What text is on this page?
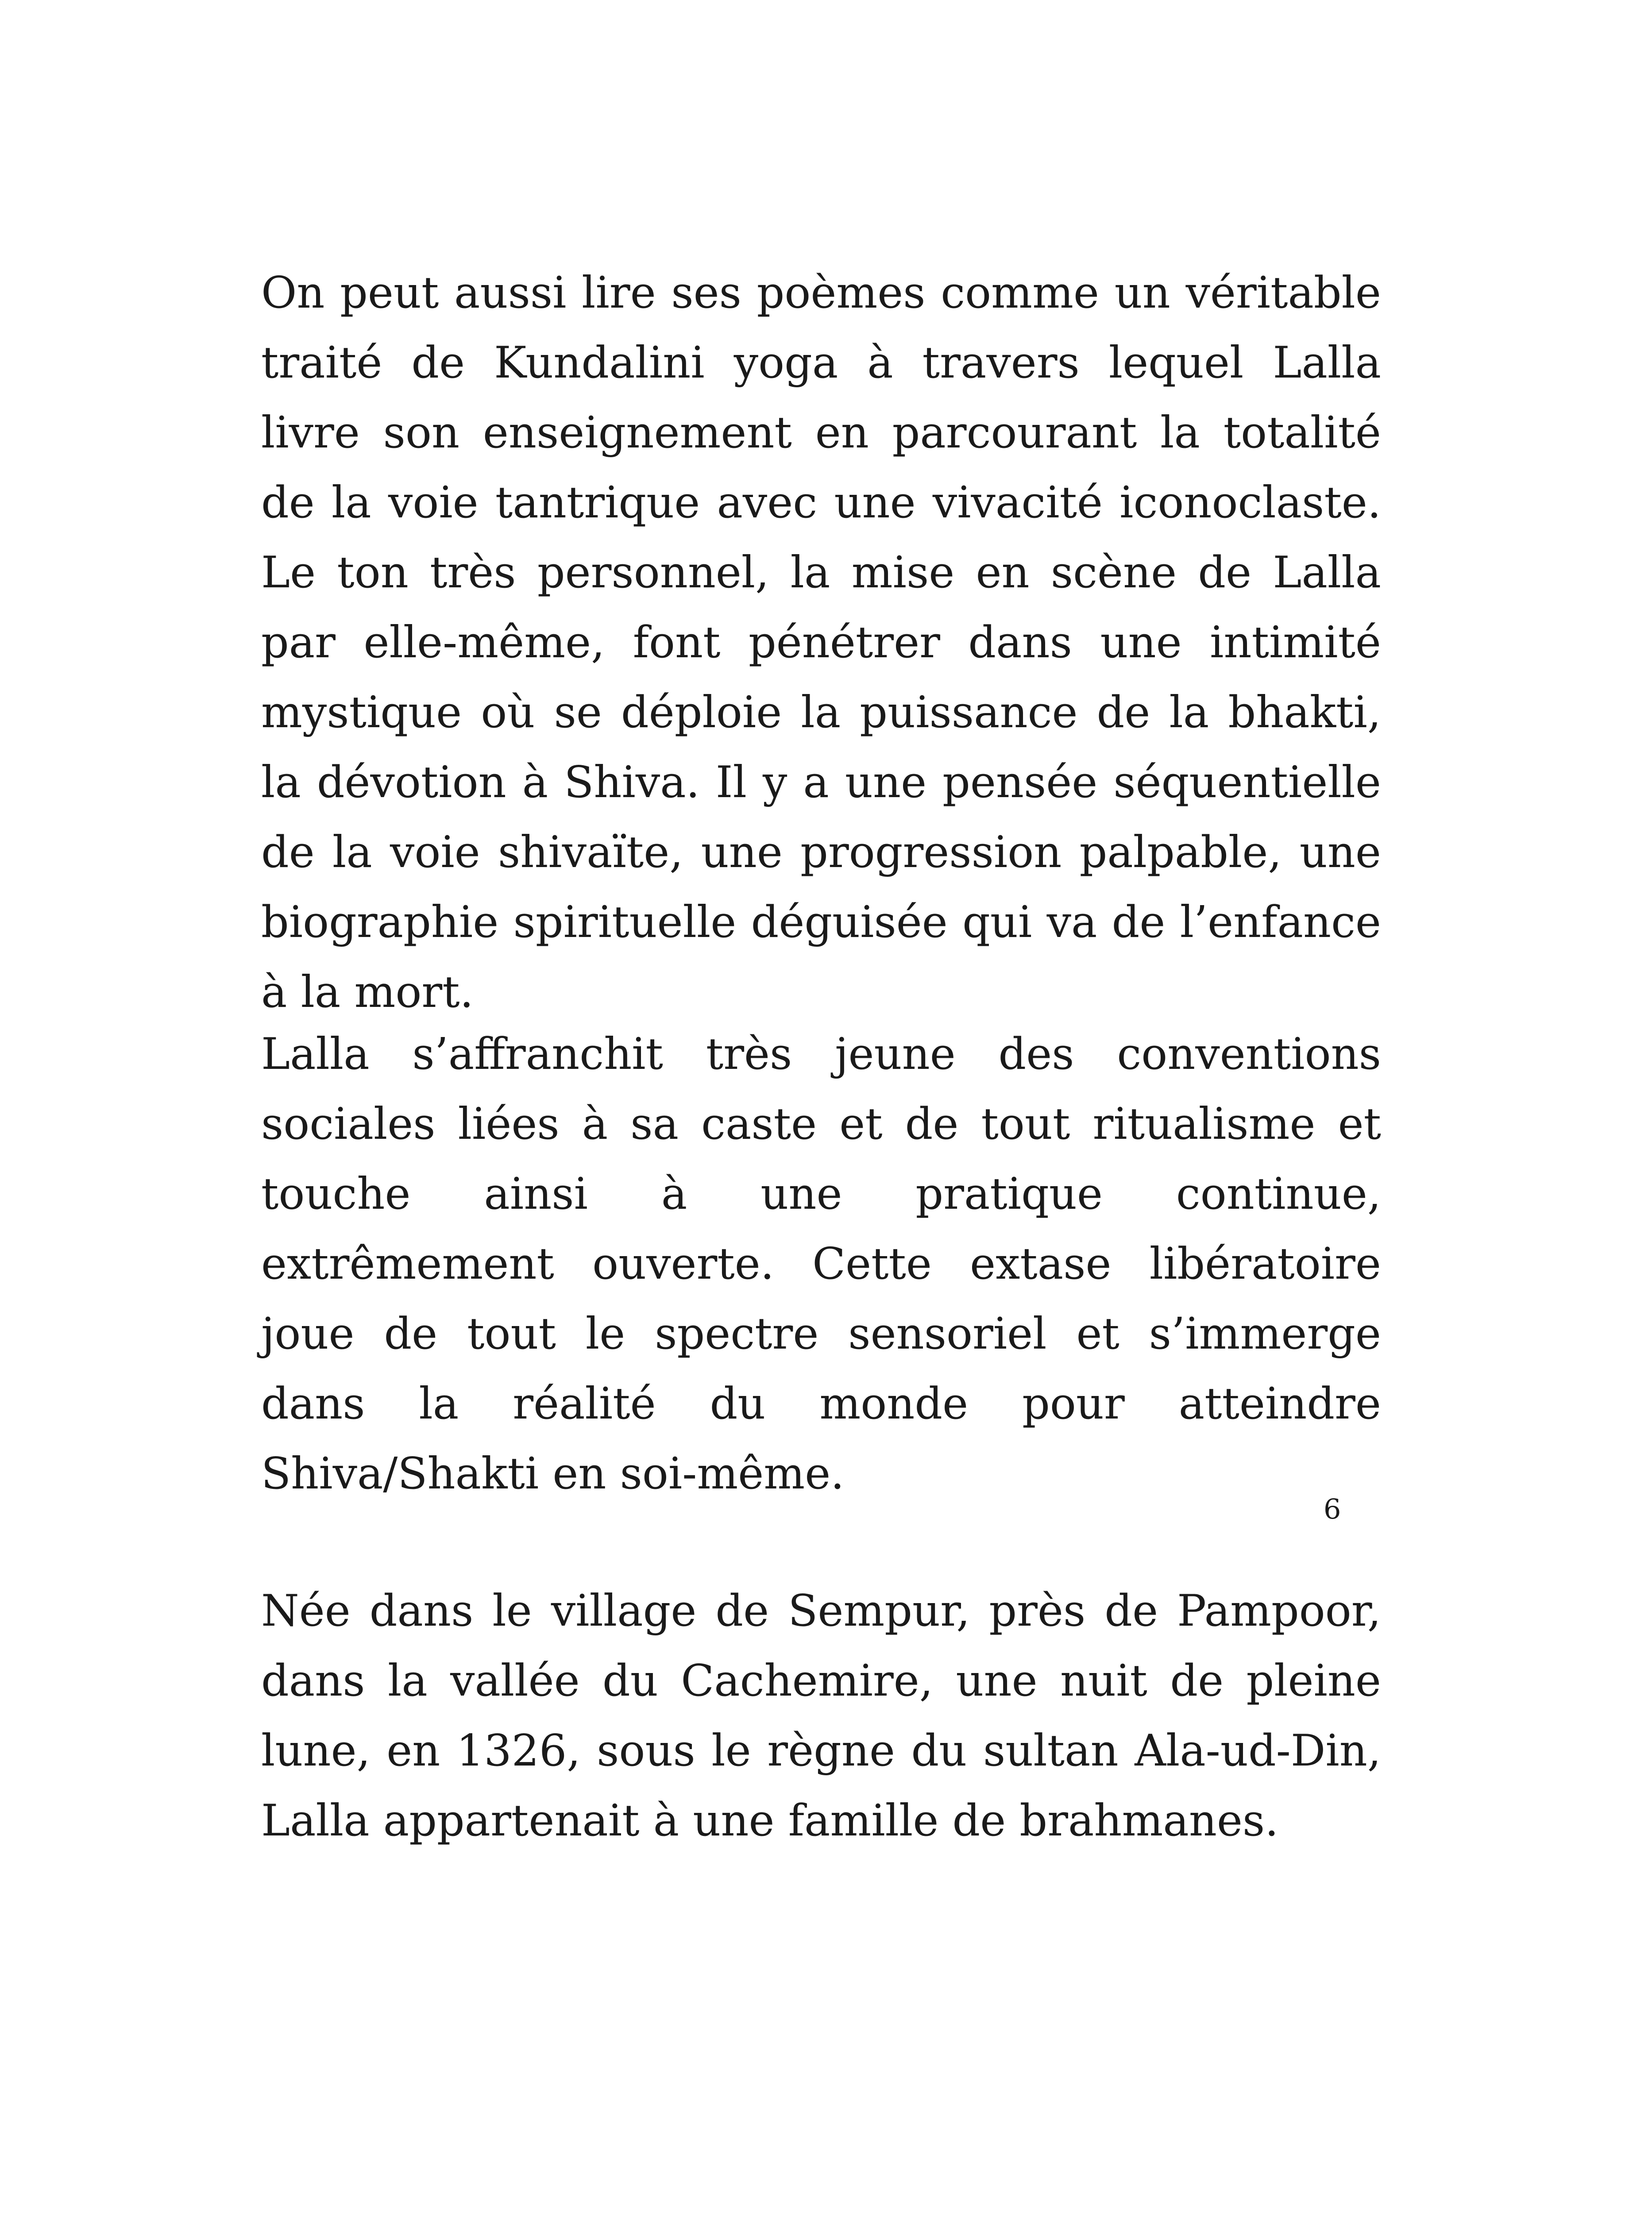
On peut aussi lire ses poèmes comme un véritable traité de Kundalini yoga à travers lequel Lalla livre son enseignement en parcourant la totalité de la voie tantrique avec une vivacité iconoclaste. Le ton très personnel, la mise en scène de Lalla par elle-même, font pénétrer dans une intimité mystique où se déploie la puissance de la bhakti, la dévotion à Shiva. Il y a une pensée séquentielle de la voie shivaïte, une progression palpable, une biographie spirituelle déguisée qui va de l’enfance à la mort.

Lalla s’affranchit très jeune des conventions sociales liées à sa caste et de tout ritualisme et touche ainsi à une pratique continue, extrêmement ouverte. Cette extase libératoire joue de tout le spectre sensoriel et s’immerge dans la réalité du monde pour atteindre Shiva/Shakti en soi-même.

Née dans le village de Sempur, près de Pampoor, dans la vallée du Cachemire, une nuit de pleine lune, en 1326, sous le règne du sultan Ala-ud-Din, Lalla appartenait à une famille de brahmanes.

6
